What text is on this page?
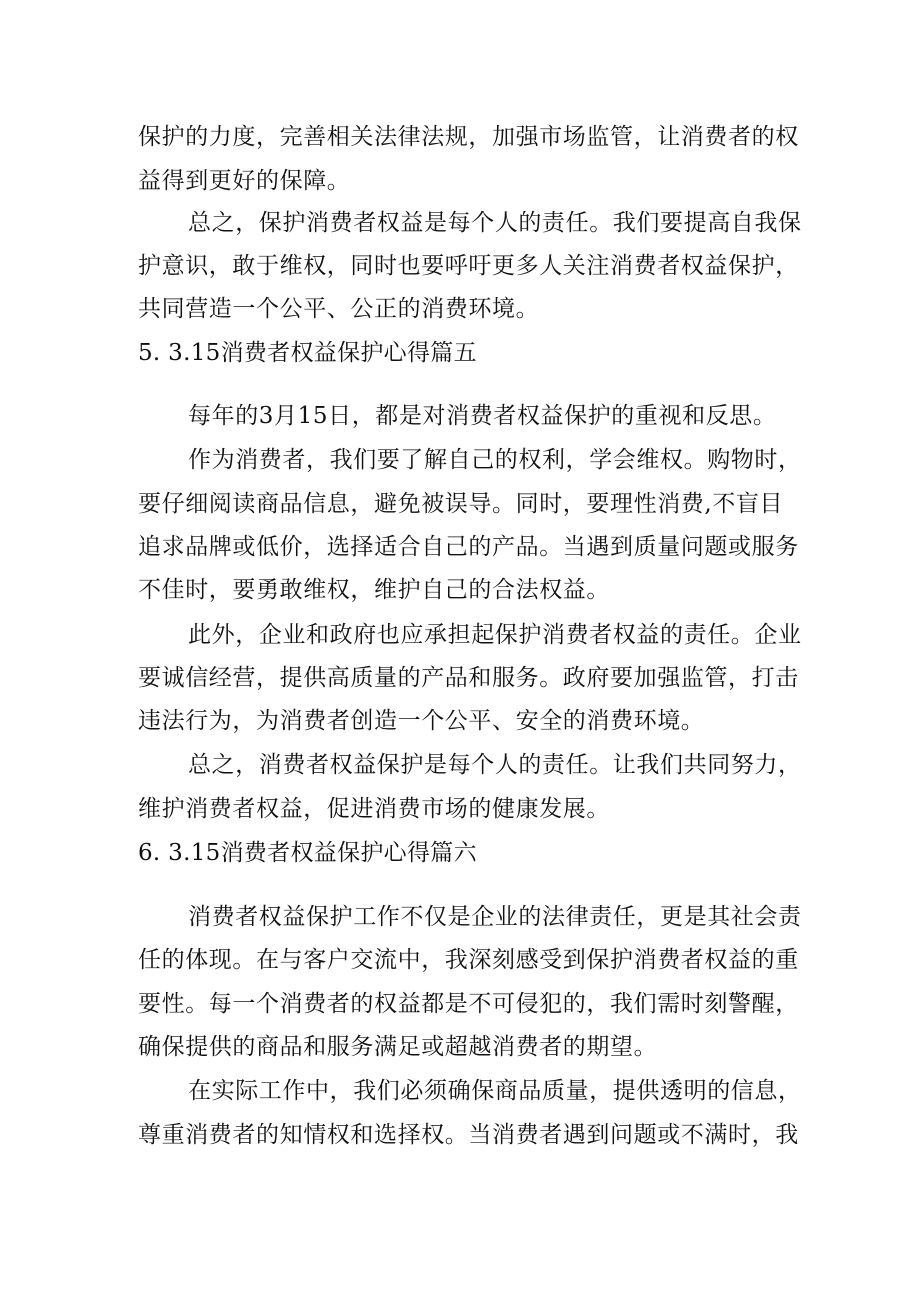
保护的力度，完善相关法律法规，加强市场监管，让消费者的权
益得到更好的保障。
总之，保护消费者权益是每个人的责任。我们要提高自我保
护意识，敢于维权，同时也要呼吁更多人关注消费者权益保护，
共同营造一个公平、公正的消费环境。
5. 3.15消费者权益保护心得篇五
每年的3月15日，都是对消费者权益保护的重视和反思。
作为消费者，我们要了解自己的权利，学会维权。购物时，
要仔细阅读商品信息，避免被误导。同时，要理性消费,不盲目
追求品牌或低价，选择适合自己的产品。当遇到质量问题或服务
不佳时，要勇敢维权，维护自己的合法权益。
此外，企业和政府也应承担起保护消费者权益的责任。企业
要诚信经营，提供高质量的产品和服务。政府要加强监管，打击
违法行为，为消费者创造一个公平、安全的消费环境。
总之，消费者权益保护是每个人的责任。让我们共同努力，
维护消费者权益，促进消费市场的健康发展。
6. 3.15消费者权益保护心得篇六
消费者权益保护工作不仅是企业的法律责任，更是其社会责
任的体现。在与客户交流中，我深刻感受到保护消费者权益的重
要性。每一个消费者的权益都是不可侵犯的，我们需时刻警醒，
确保提供的商品和服务满足或超越消费者的期望。
在实际工作中，我们必须确保商品质量，提供透明的信息，
尊重消费者的知情权和选择权。当消费者遇到问题或不满时，我
